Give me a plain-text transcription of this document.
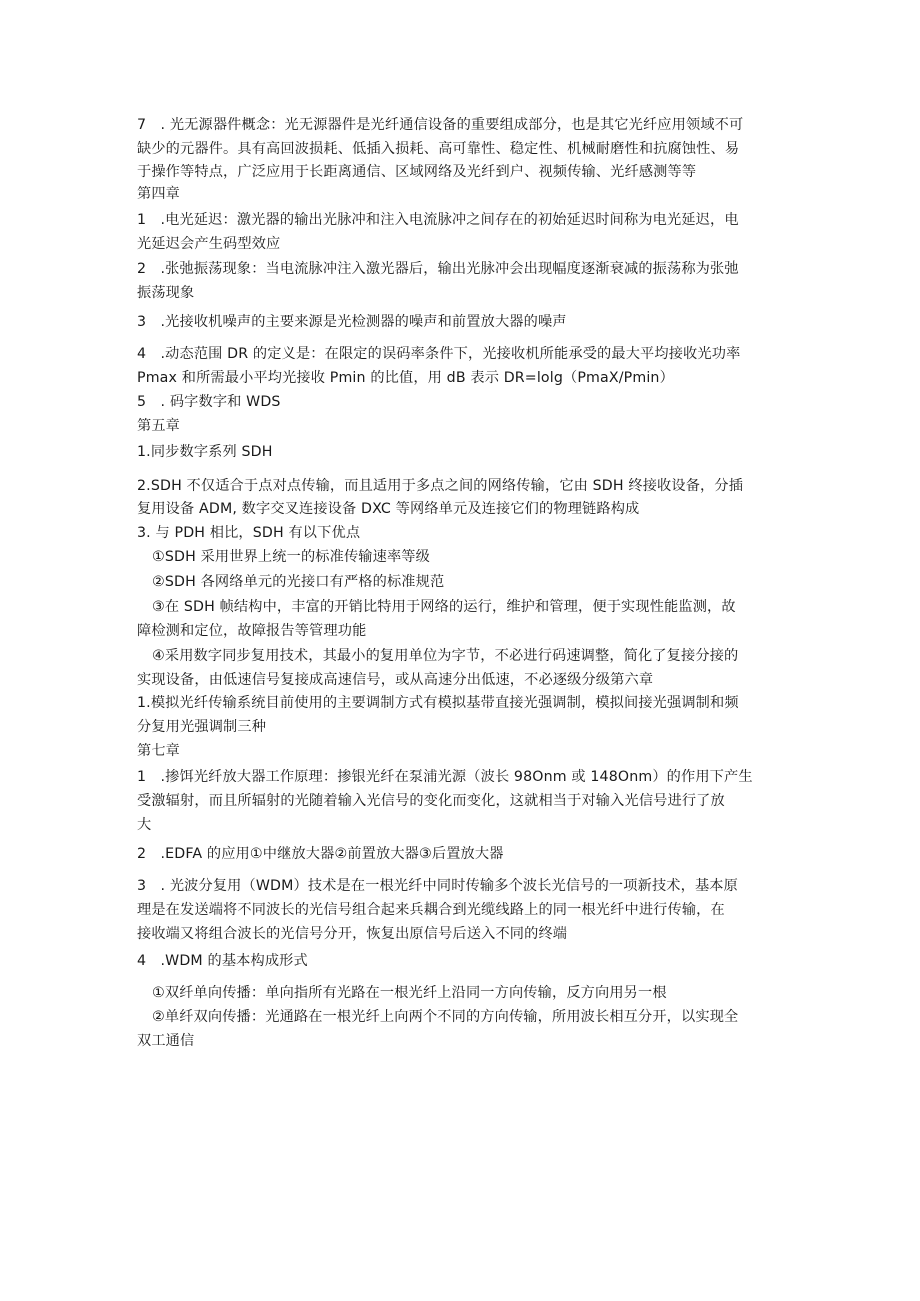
7　. 光无源器件概念：光无源器件是光纤通信设备的重要组成部分，也是其它光纤应用领域不可
缺少的元器件。具有高回波损耗、低插入损耗、高可靠性、稳定性、机械耐磨性和抗腐蚀性、易
于操作等特点，广泛应用于长距离通信、区域网络及光纤到户、视频传输、光纤感测等等
第四章
1　.电光延迟：激光器的输出光脉冲和注入电流脉冲之间存在的初始延迟时间称为电光延迟，电
光延迟会产生码型效应
2　.张弛振荡现象：当电流脉冲注入激光器后，输出光脉冲会出现幅度逐渐衰减的振荡称为张弛
振荡现象
3　.光接收机噪声的主要来源是光检测器的噪声和前置放大器的噪声
4　.动态范围 DR 的定义是：在限定的误码率条件下，光接收机所能承受的最大平均接收光功率
Pmax 和所需最小平均光接收 Pmin 的比值，用 dB 表示 DR=lolg（PmaX/Pmin）
5　. 码字数字和 WDS
第五章
1.同步数字系列 SDH
2.SDH 不仅适合于点对点传输，而且适用于多点之间的网络传输，它由 SDH 终接收设备，分插
复用设备 ADM, 数字交叉连接设备 DXC 等网络单元及连接它们的物理链路构成
3. 与 PDH 相比，SDH 有以下优点
①SDH 采用世界上统一的标准传输速率等级
②SDH 各网络单元的光接口有严格的标准规范
③在 SDH 帧结构中，丰富的开销比特用于网络的运行，维护和管理，便于实现性能监测，故
障检测和定位，故障报告等管理功能
④采用数字同步复用技术，其最小的复用单位为字节，不必进行码速调整，简化了复接分接的
实现设备，由低速信号复接成高速信号，或从高速分出低速，不必逐级分级第六章
1.模拟光纤传输系统目前使用的主要调制方式有模拟基带直接光强调制，模拟间接光强调制和频
分复用光强调制三种
第七章
1　.掺饵光纤放大器工作原理：掺银光纤在泵浦光源（波长 98Onm 或 148Onm）的作用下产生
受激辐射，而且所辐射的光随着输入光信号的变化而变化，这就相当于对输入光信号进行了放
大
2　.EDFA 的应用①中继放大器②前置放大器③后置放大器
3　. 光波分复用（WDM）技术是在一根光纤中同时传输多个波长光信号的一项新技术，基本原
理是在发送端将不同波长的光信号组合起来兵耦合到光缆线路上的同一根光纤中进行传输，在
接收端又将组合波长的光信号分开，恢复出原信号后送入不同的终端
4　.WDM 的基本构成形式
①双纤单向传播：单向指所有光路在一根光纤上沿同一方向传输，反方向用另一根
②单纤双向传播：光通路在一根光纤上向两个不同的方向传输，所用波长相互分开，以实现全
双工通信
